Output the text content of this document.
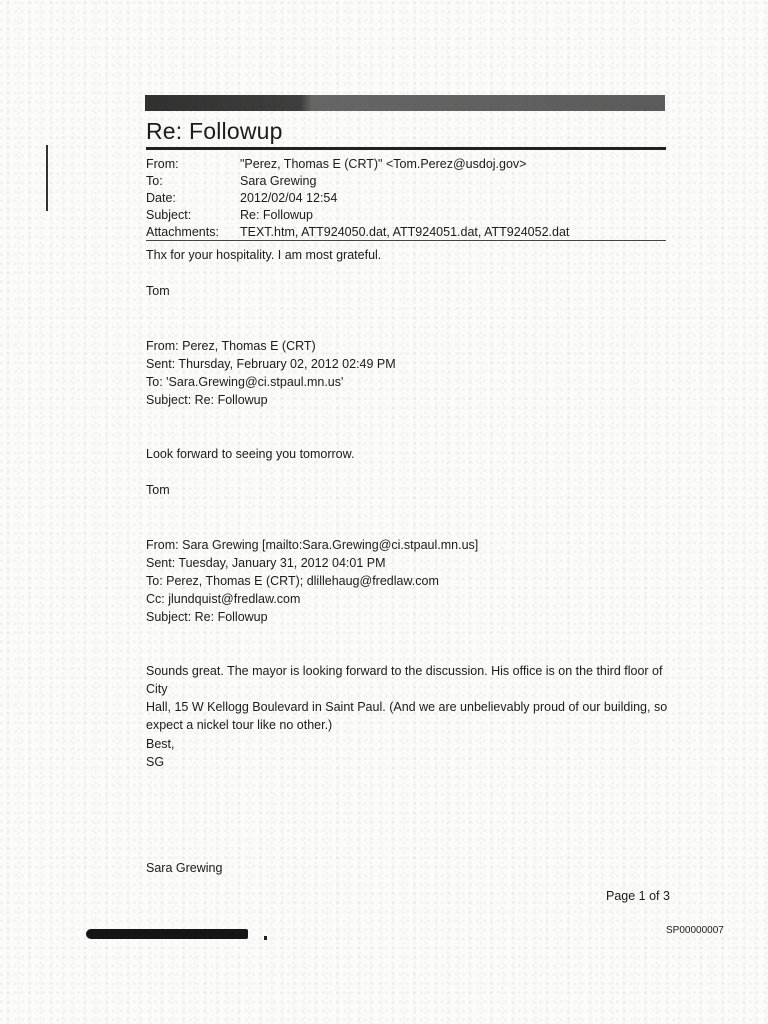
Re: Followup
From:	"Perez, Thomas E (CRT)" <Tom.Perez@usdoj.gov>
To:	Sara Grewing
Date:	2012/02/04 12:54
Subject:	Re: Followup
Attachments:	TEXT.htm, ATT924050.dat, ATT924051.dat, ATT924052.dat
Thx for your hospitality. I am most grateful.
Tom
From: Perez, Thomas E (CRT)
Sent: Thursday, February 02, 2012 02:49 PM
To: 'Sara.Grewing@ci.stpaul.mn.us'
Subject: Re: Followup
Look forward to seeing you tomorrow.
Tom
From: Sara Grewing [mailto:Sara.Grewing@ci.stpaul.mn.us]
Sent: Tuesday, January 31, 2012 04:01 PM
To: Perez, Thomas E (CRT); dlillehaug@fredlaw.com
Cc: jlundquist@fredlaw.com
Subject: Re: Followup
Sounds great. The mayor is looking forward to the discussion. His office is on the third floor of City
Hall, 15 W Kellogg Boulevard in Saint Paul. (And we are unbelievably proud of our building, so
expect a nickel tour like no other.)
Best,
SG
Sara Grewing
Page 1 of 3
SP00000007
